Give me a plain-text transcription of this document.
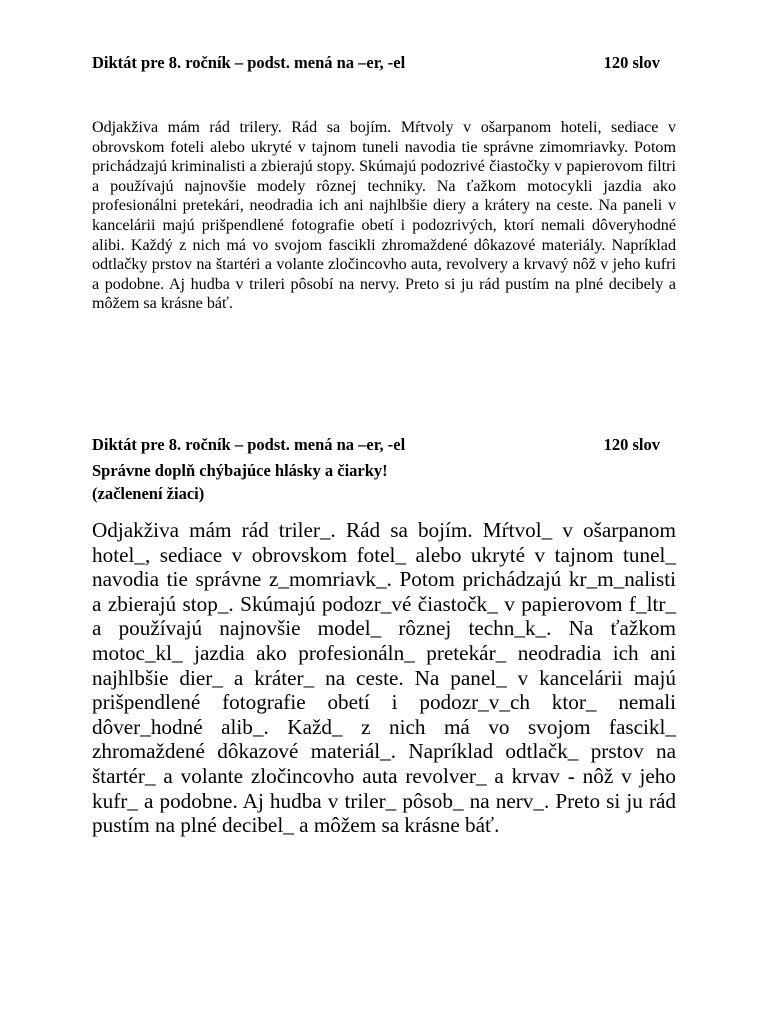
Diktát pre 8. ročník – podst. mená na –er, -el	120 slov
Odjakživa mám rád trilery. Rád sa bojím. Mŕtvoly v ošarpanom hoteli, sediace v obrovskom foteli alebo ukryté v tajnom tuneli navodia tie správne zimomriavky. Potom prichádzajú kriminalisti a zbierajú stopy. Skúmajú podozrivé čiastočky v papierovom filtri a používajú najnovšie modely rôznej techniky. Na ťažkom motocykli jazdia ako profesionálni pretekári, neodradia ich ani najhlbšie diery a krátery na ceste. Na paneli v kancelárii majú prišpendlené fotografie obetí i podozrivých, ktorí nemali dôveryhodné alibi. Každý z nich má vo svojom fascikli zhromaždené dôkazové materiály. Napríklad odtlačky prstov na štartéri a volante zločincovho auta, revolvery a krvavý nôž v jeho kufri a podobne. Aj hudba v trileri pôsobí na nervy. Preto si ju rád pustím na plné decibely a môžem sa krásne báť.
Diktát pre 8. ročník – podst. mená na –er, -el	120 slov
Správne doplň chýbajúce hlásky a čiarky!
(začlenení žiaci)
Odjakživa mám rád triler_. Rád sa bojím. Mŕtvol_ v ošarpanom hotel_, sediace v obrovskom fotel_ alebo ukryté v tajnom tunel_ navodia tie správne z_momriavk_. Potom prichádzajú kr_m_nalisti a zbierajú stop_. Skúmajú podozr_vé čiastočk_ v papierovom f_ltr_ a používajú najnovšie model_ rôznej techn_k_. Na ťažkom motoc_kl_ jazdia ako profesionáln_ pretekár_ neodradia ich ani najhlbšie dier_ a kráter_ na ceste. Na panel_ v kancelárii majú prišpendlené fotografie obetí i podozr_v_ch ktor_ nemali dôver_hodné alib_. Každ_ z nich má vo svojom fascikl_ zhromaždené dôkazové materiál_. Napríklad odtlačk_ prstov na štartér_ a volante zločincovho auta revolver_ a krvav - nôž v jeho kufr_ a podobne. Aj hudba v triler_ pôsob_ na nerv_. Preto si ju rád pustím na plné decibel_ a môžem sa krásne báť.
